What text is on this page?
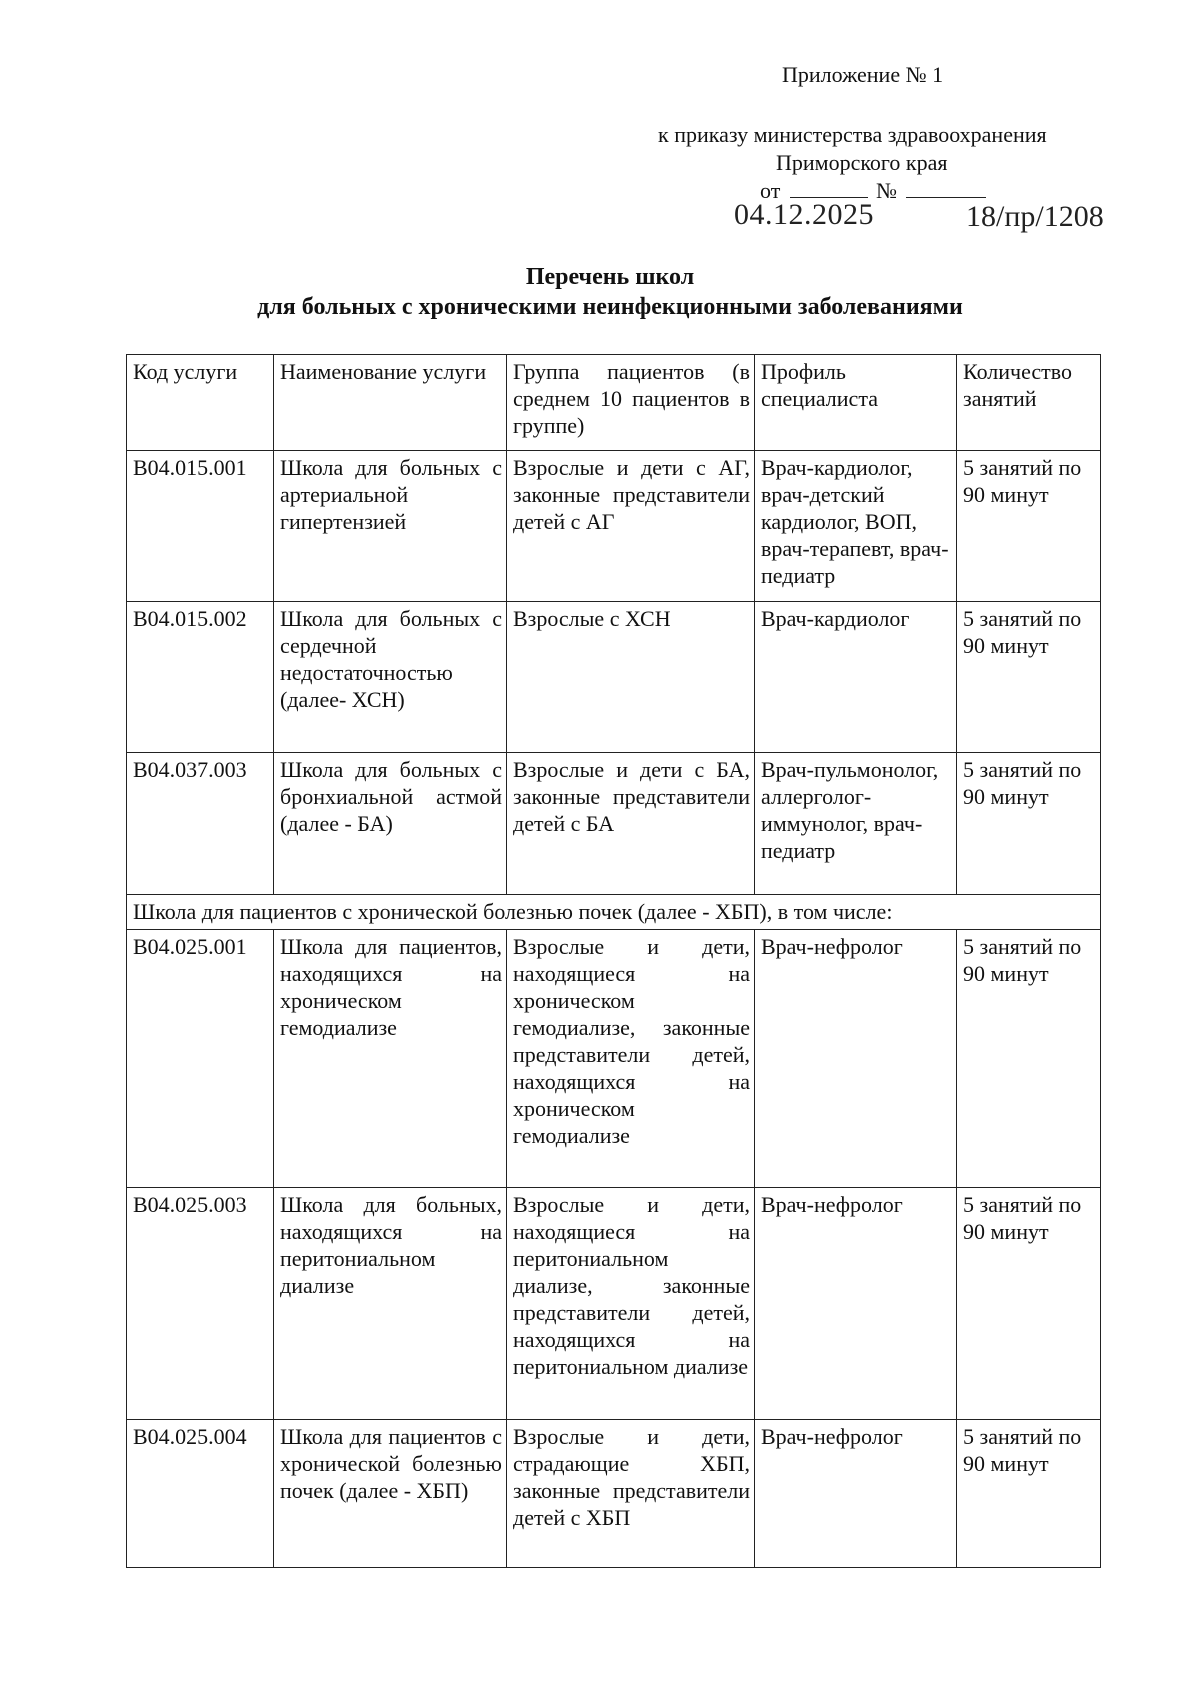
Приложение № 1
к приказу министерства здравоохранения
Приморского края
от	№
04.12.2025	18/пр/1208
Перечень школ
для больных с хроническими неинфекционными заболеваниями
Код услуги	Наименование услуги	Группа пациентов (в среднем 10 пациентов в группе)	Профиль специалиста	Количество занятий
B04.015.001	Школа для больных с артериальной гипертензией	Взрослые и дети с АГ, законные представители детей с АГ	Врач-кардиолог, врач-детский кардиолог, ВОП, врач-терапевт, врач-педиатр	5 занятий по 90 минут
B04.015.002	Школа для больных с сердечной недостаточностью (далее- ХСН)	Взрослые с ХСН	Врач-кардиолог	5 занятий по 90 минут
B04.037.003	Школа для больных с бронхиальной астмой (далее - БА)	Взрослые и дети с БА, законные представители детей с БА	Врач-пульмонолог, аллерголог-иммунолог, врач-педиатр	5 занятий по 90 минут
Школа для пациентов с хронической болезнью почек (далее - ХБП), в том числе:				
B04.025.001	Школа для пациентов, находящихся на хроническом гемодиализе	Взрослые и дети, находящиеся на хроническом гемодиализе, законные представители детей, находящихся на хроническом гемодиализе	Врач-нефролог	5 занятий по 90 минут
B04.025.003	Школа для больных, находящихся на перитониальном диализе	Взрослые и дети, находящиеся на перитониальном диализе, законные представители детей, находящихся на перитониальном диализе	Врач-нефролог	5 занятий по 90 минут
B04.025.004	Школа для пациентов с хронической болезнью почек (далее - ХБП)	Взрослые и дети, страдающие ХБП, законные представители детей с ХБП	Врач-нефролог	5 занятий по 90 минут
